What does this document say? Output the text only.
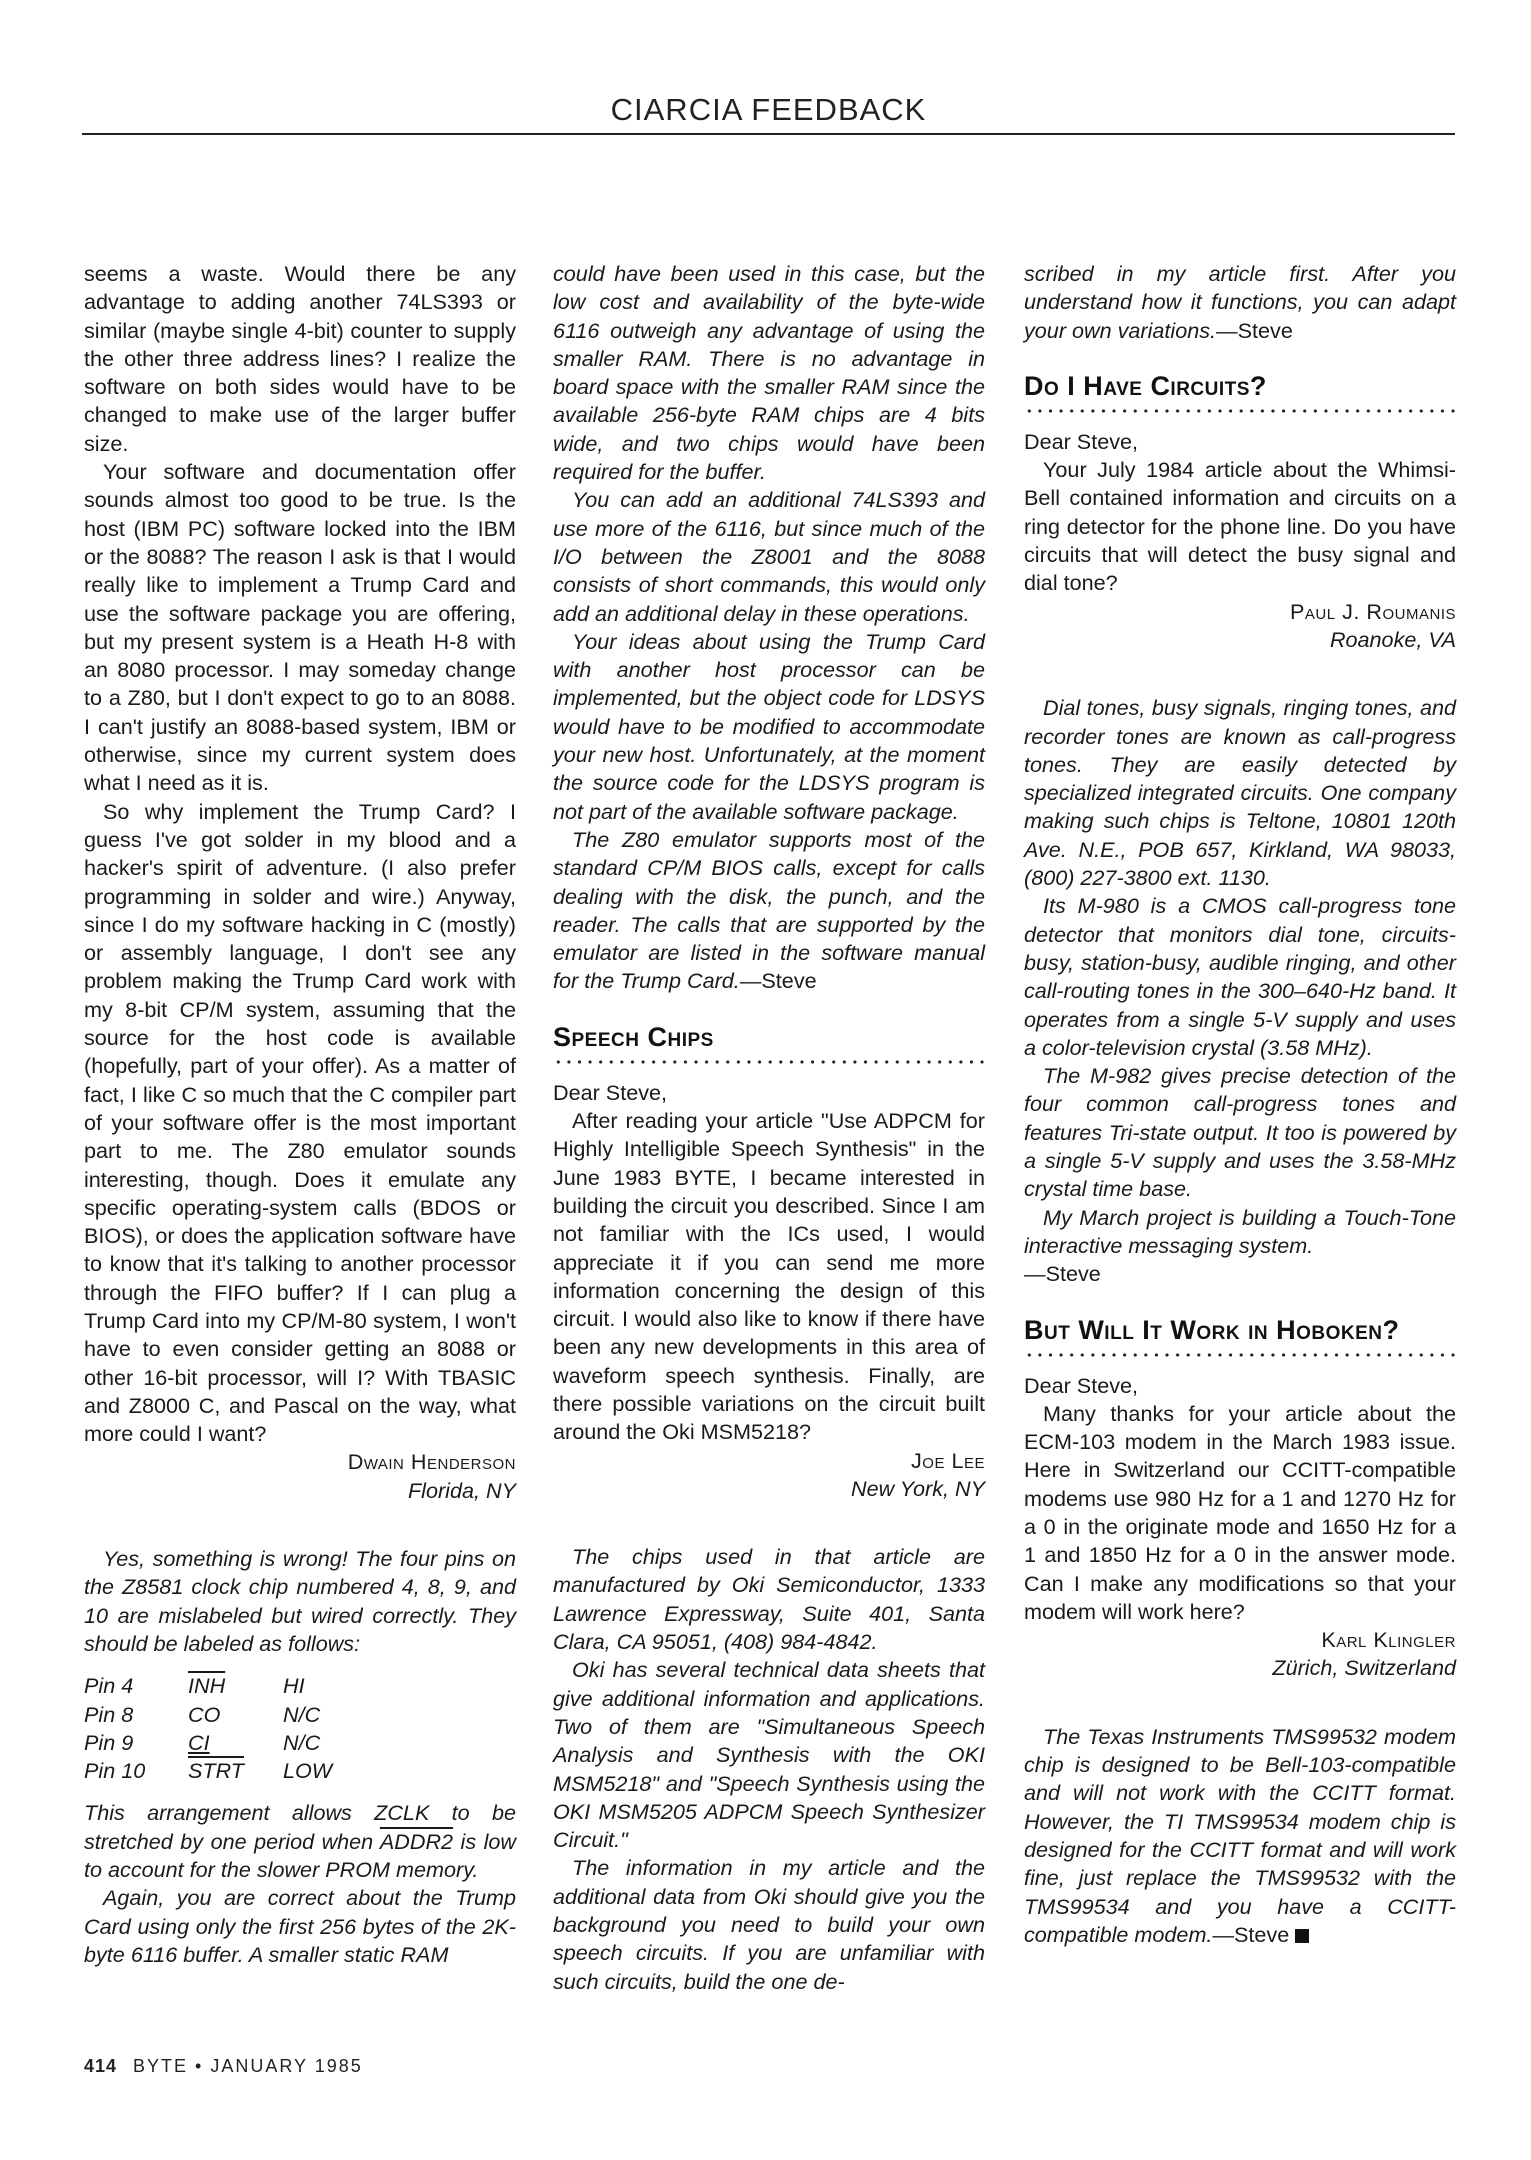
CIARCIA FEEDBACK

seems a waste. Would there be any advantage to adding another 74LS393 or similar (maybe single 4-bit) counter to supply the other three address lines? I realize the software on both sides would have to be changed to make use of the larger buffer size.

Your software and documentation offer sounds almost too good to be true. Is the host (IBM PC) software locked into the IBM or the 8088? The reason I ask is that I would really like to implement a Trump Card and use the software package you are offering, but my present system is a Heath H-8 with an 8080 processor. I may someday change to a Z80, but I don't expect to go to an 8088. I can't justify an 8088-based system, IBM or otherwise, since my current system does what I need as it is.

So why implement the Trump Card? I guess I've got solder in my blood and a hacker's spirit of adventure. (I also prefer programming in solder and wire.) Anyway, since I do my software hacking in C (mostly) or assembly language, I don't see any problem making the Trump Card work with my 8-bit CP/M system, assuming that the source for the host code is available (hopefully, part of your offer). As a matter of fact, I like C so much that the C compiler part of your software offer is the most important part to me. The Z80 emulator sounds interesting, though. Does it emulate any specific operating-system calls (BDOS or BIOS), or does the application software have to know that it's talking to another processor through the FIFO buffer? If I can plug a Trump Card into my CP/M-80 system, I won't have to even consider getting an 8088 or other 16-bit processor, will I? With TBASIC and Z8000 C, and Pascal on the way, what more could I want?

Dwain Henderson
Florida, NY

Yes, something is wrong! The four pins on the Z8581 clock chip numbered 4, 8, 9, and 10 are mislabeled but wired correctly. They should be labeled as follows:

Pin 4	$\overline{INH}$	HI
Pin 8	CO	N/C
Pin 9	CI	N/C
Pin 10	STRT	LOW

This arrangement allows ZCLK to be stretched by one period when ADDR2 is low to account for the slower PROM memory.

Again, you are correct about the Trump Card using only the first 256 bytes of the 2K-byte 6116 buffer. A smaller static RAM

could have been used in this case, but the low cost and availability of the byte-wide 6116 outweigh any advantage of using the smaller RAM. There is no advantage in board space with the smaller RAM since the available 256-byte RAM chips are 4 bits wide, and two chips would have been required for the buffer.

You can add an additional 74LS393 and use more of the 6116, but since much of the I/O between the Z8001 and the 8088 consists of short commands, this would only add an additional delay in these operations.

Your ideas about using the Trump Card with another host processor can be implemented, but the object code for LDSYS would have to be modified to accommodate your new host. Unfortunately, at the moment the source code for the LDSYS program is not part of the available software package.

The Z80 emulator supports most of the standard CP/M BIOS calls, except for calls dealing with the disk, the punch, and the reader. The calls that are supported by the emulator are listed in the software manual for the Trump Card.—Steve

Speech Chips

Dear Steve,

After reading your article "Use ADPCM for Highly Intelligible Speech Synthesis" in the June 1983 BYTE, I became interested in building the circuit you described. Since I am not familiar with the ICs used, I would appreciate it if you can send me more information concerning the design of this circuit. I would also like to know if there have been any new developments in this area of waveform speech synthesis. Finally, are there possible variations on the circuit built around the Oki MSM5218?

Joe Lee
New York, NY

The chips used in that article are manufactured by Oki Semiconductor, 1333 Lawrence Expressway, Suite 401, Santa Clara, CA 95051, (408) 984-4842.

Oki has several technical data sheets that give additional information and applications. Two of them are "Simultaneous Speech Analysis and Synthesis with the OKI MSM5218" and "Speech Synthesis using the OKI MSM5205 ADPCM Speech Synthesizer Circuit."

The information in my article and the additional data from Oki should give you the background you need to build your own speech circuits. If you are unfamiliar with such circuits, build the one de-

scribed in my article first. After you understand how it functions, you can adapt your own variations.—Steve

Do I Have Circuits?

Dear Steve,

Your July 1984 article about the Whimsi-Bell contained information and circuits on a ring detector for the phone line. Do you have circuits that will detect the busy signal and dial tone?

Paul J. Roumanis
Roanoke, VA

Dial tones, busy signals, ringing tones, and recorder tones are known as call-progress tones. They are easily detected by specialized integrated circuits. One company making such chips is Teltone, 10801 120th Ave. N.E., POB 657, Kirkland, WA 98033, (800) 227-3800 ext. 1130.

Its M-980 is a CMOS call-progress tone detector that monitors dial tone, circuits-busy, station-busy, audible ringing, and other call-routing tones in the 300–640-Hz band. It operates from a single 5-V supply and uses a color-television crystal (3.58 MHz).

The M-982 gives precise detection of the four common call-progress tones and features Tri-state output. It too is powered by a single 5-V supply and uses the 3.58-MHz crystal time base.

My March project is building a Touch-Tone interactive messaging system.
—Steve

But Will It Work in Hoboken?

Dear Steve,

Many thanks for your article about the ECM-103 modem in the March 1983 issue. Here in Switzerland our CCITT-compatible modems use 980 Hz for a 1 and 1270 Hz for a 0 in the originate mode and 1650 Hz for a 1 and 1850 Hz for a 0 in the answer mode. Can I make any modifications so that your modem will work here?

Karl Klingler
Zürich, Switzerland

The Texas Instruments TMS99532 modem chip is designed to be Bell-103-compatible and will not work with the CCITT format. However, the TI TMS99534 modem chip is designed for the CCITT format and will work fine, just replace the TMS99532 with the TMS99534 and you have a CCITT-compatible modem.—Steve

414 BYTE • JANUARY 1985
